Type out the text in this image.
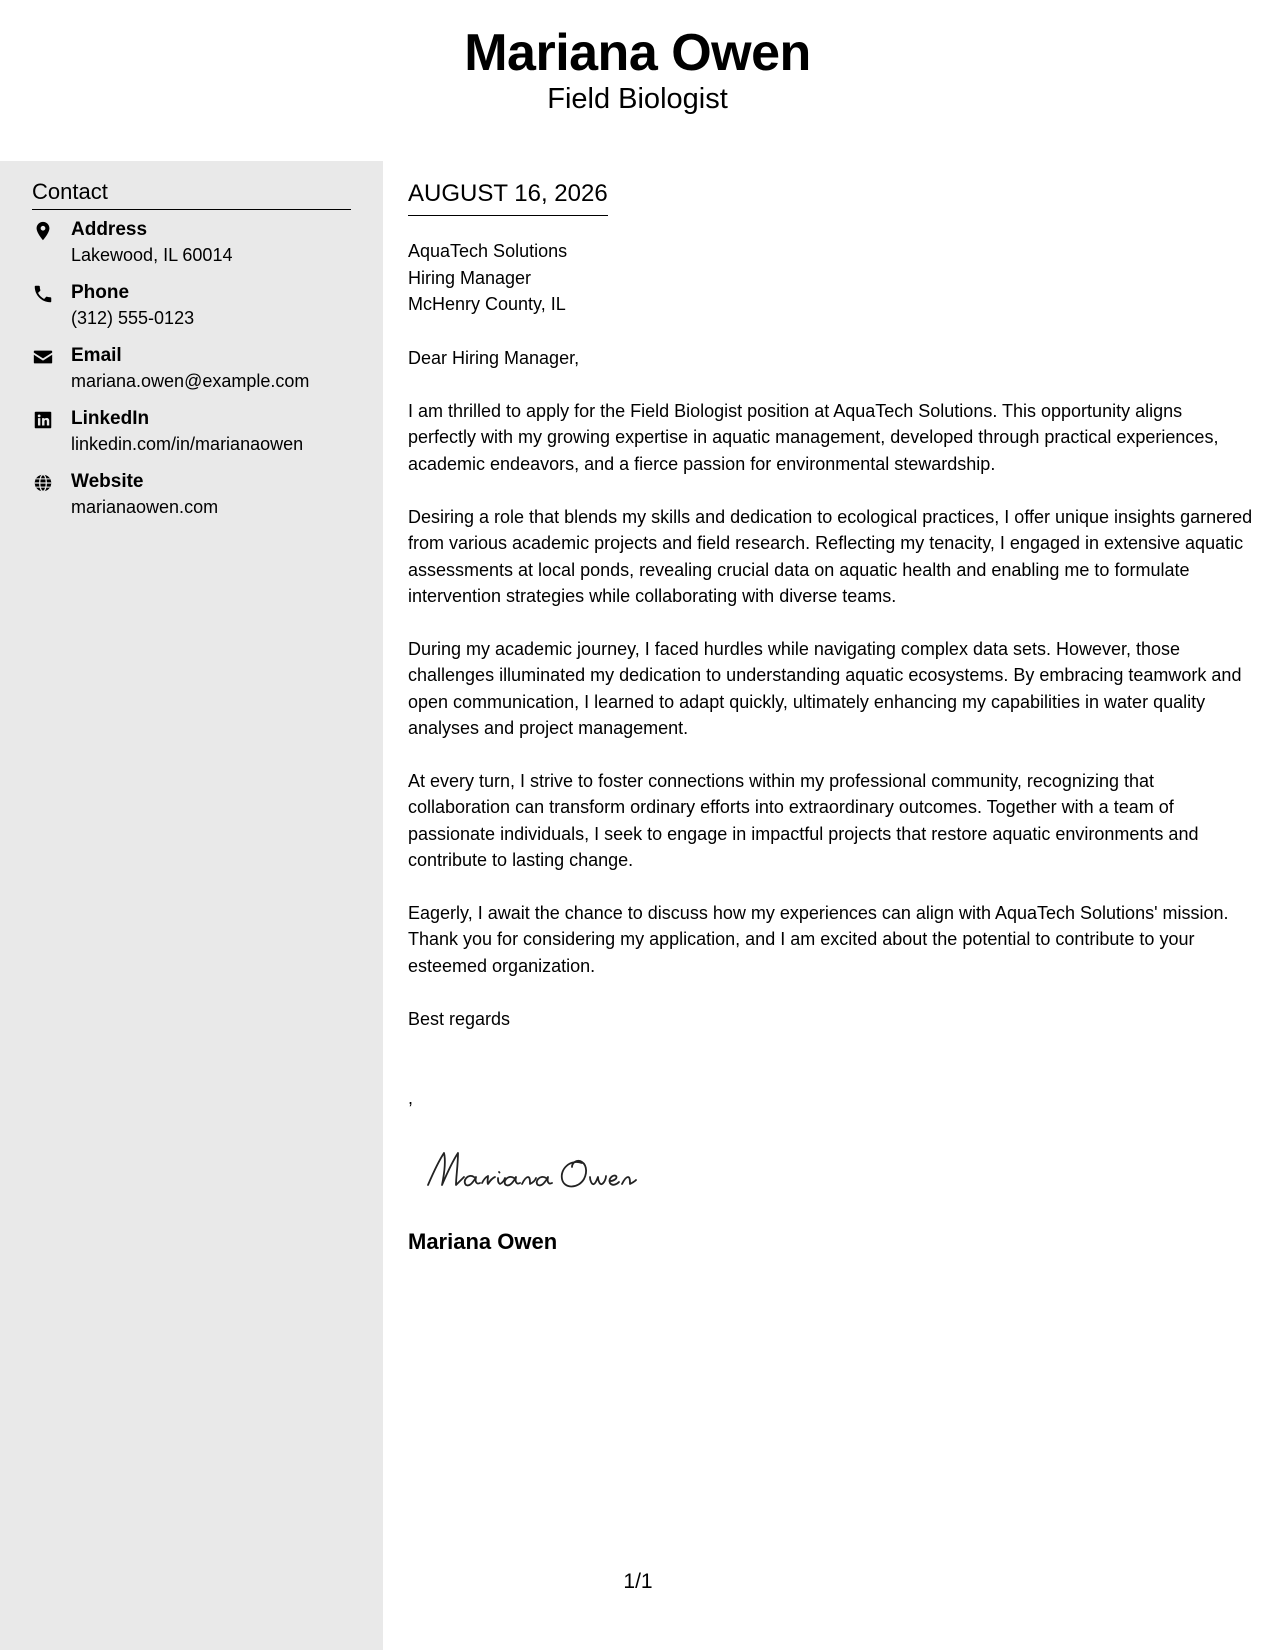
Mariana Owen
Field Biologist
Contact
Address
Lakewood, IL 60014
Phone
(312) 555-0123
Email
mariana.owen@example.com
LinkedIn
linkedin.com/in/marianaowen
Website
marianaowen.com
AUGUST 16, 2026
AquaTech Solutions
Hiring Manager
McHenry County, IL
Dear Hiring Manager,
I am thrilled to apply for the Field Biologist position at AquaTech Solutions. This opportunity aligns perfectly with my growing expertise in aquatic management, developed through practical experiences, academic endeavors, and a fierce passion for environmental stewardship.
Desiring a role that blends my skills and dedication to ecological practices, I offer unique insights garnered from various academic projects and field research. Reflecting my tenacity, I engaged in extensive aquatic assessments at local ponds, revealing crucial data on aquatic health and enabling me to formulate intervention strategies while collaborating with diverse teams.
During my academic journey, I faced hurdles while navigating complex data sets. However, those challenges illuminated my dedication to understanding aquatic ecosystems. By embracing teamwork and open communication, I learned to adapt quickly, ultimately enhancing my capabilities in water quality analyses and project management.
At every turn, I strive to foster connections within my professional community, recognizing that collaboration can transform ordinary efforts into extraordinary outcomes. Together with a team of passionate individuals, I seek to engage in impactful projects that restore aquatic environments and contribute to lasting change.
Eagerly, I await the chance to discuss how my experiences can align with AquaTech Solutions' mission. Thank you for considering my application, and I am excited about the potential to contribute to your esteemed organization.
Best regards
,
Mariana Owen
1/1
